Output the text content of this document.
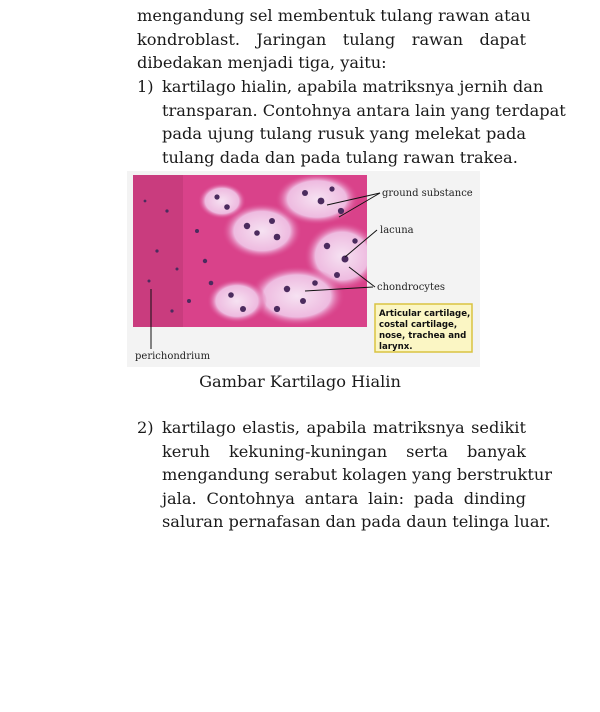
mengandung sel membentuk tulang rawan atau
kondroblast. Jaringan tulang rawan dapat
dibedakan menjadi tiga, yaitu:
1) kartilago hialin, apabila matriksnya jernih dan
transparan. Contohnya antara lain yang terdapat
pada ujung tulang rusuk yang melekat pada
tulang dada dan pada tulang rawan trakea.
ground substance
lacuna
chondrocytes
perichondrium
Articular cartilage,
costal cartilage,
nose, trachea and
larynx.
Gambar Kartilago Hialin
2) kartilago elastis, apabila matriksnya sedikit
keruh kekuning-kuningan serta banyak
mengandung serabut kolagen yang berstruktur
jala. Contohnya antara lain: pada dinding
saluran pernafasan dan pada daun telinga luar.
